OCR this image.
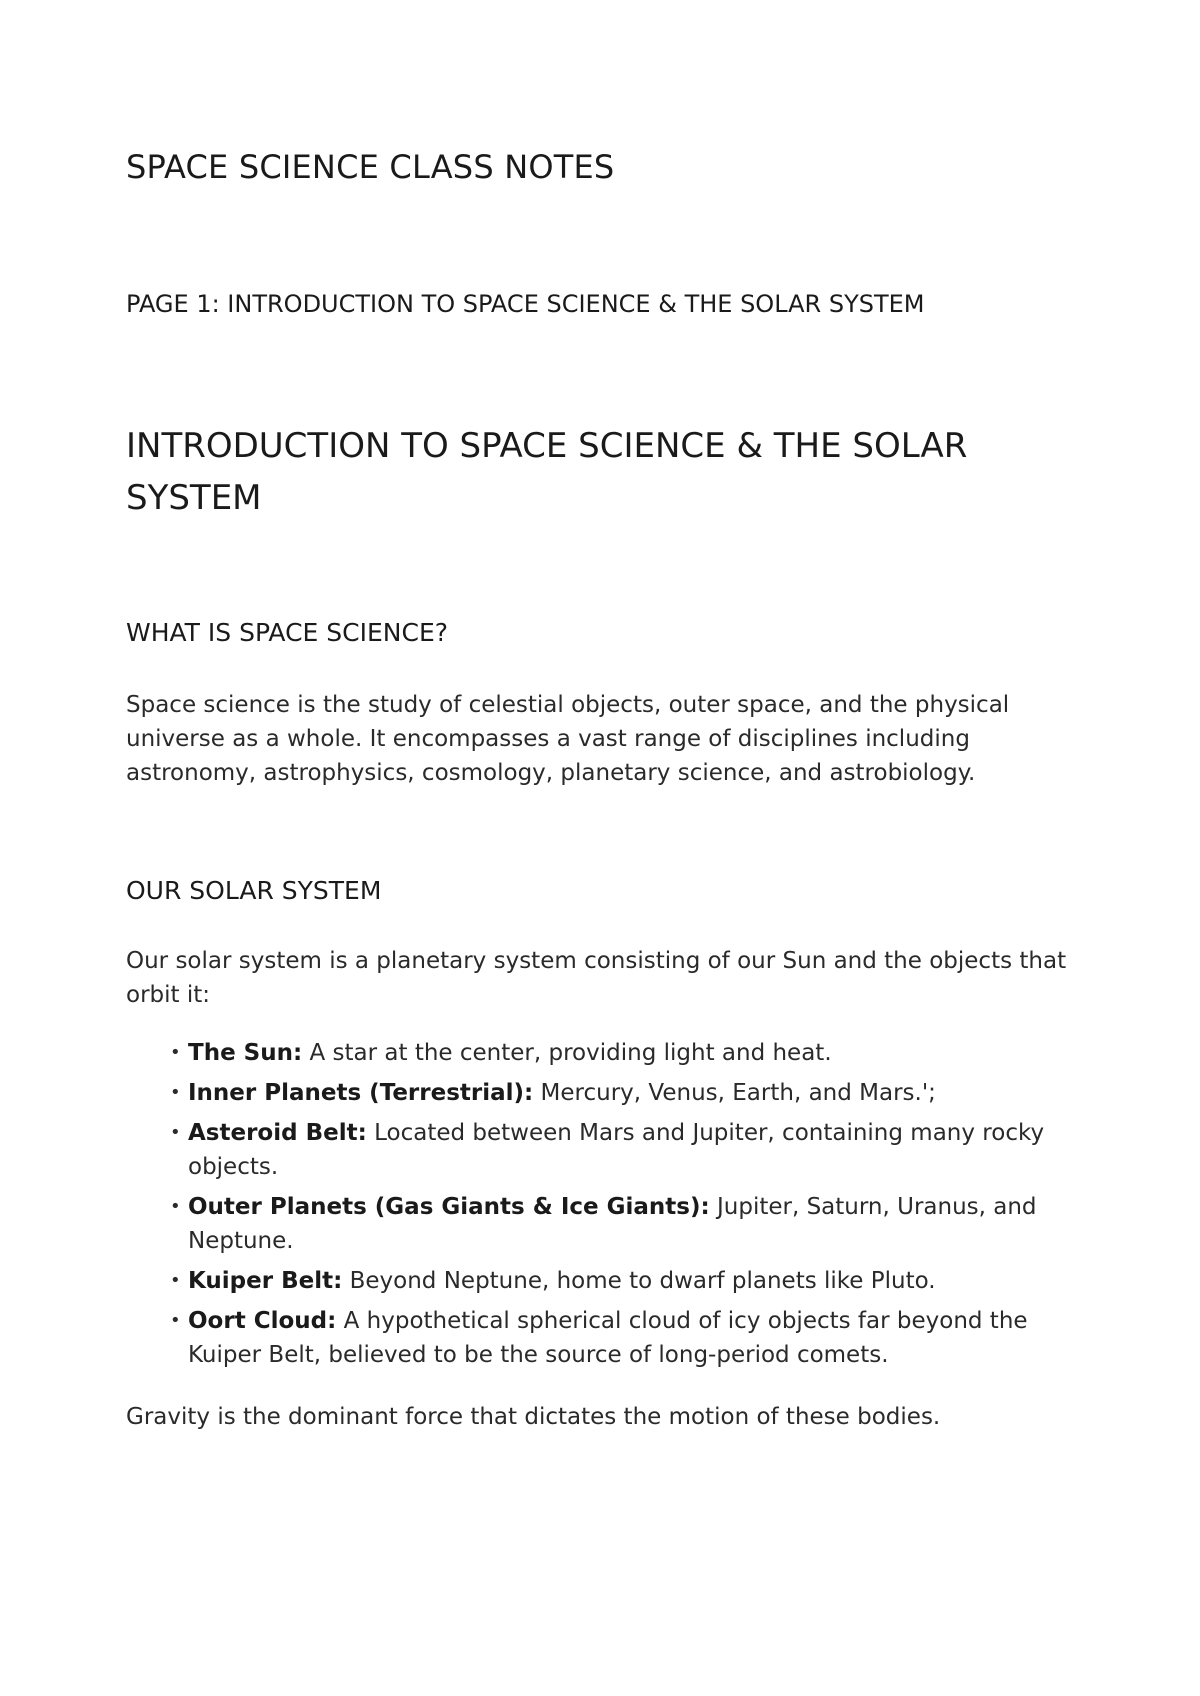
SPACE SCIENCE CLASS NOTES
PAGE 1: INTRODUCTION TO SPACE SCIENCE & THE SOLAR SYSTEM
INTRODUCTION TO SPACE SCIENCE & THE SOLAR SYSTEM
WHAT IS SPACE SCIENCE?

Space science is the study of celestial objects, outer space, and the physical universe as a whole. It encompasses a vast range of disciplines including astronomy, astrophysics, cosmology, planetary science, and astrobiology.

OUR SOLAR SYSTEM

Our solar system is a planetary system consisting of our Sun and the objects that orbit it:

• The Sun: A star at the center, providing light and heat.
• Inner Planets (Terrestrial): Mercury, Venus, Earth, and Mars.';
• Asteroid Belt: Located between Mars and Jupiter, containing many rocky objects.
• Outer Planets (Gas Giants & Ice Giants): Jupiter, Saturn, Uranus, and Neptune.
• Kuiper Belt: Beyond Neptune, home to dwarf planets like Pluto.
• Oort Cloud: A hypothetical spherical cloud of icy objects far beyond the Kuiper Belt, believed to be the source of long-period comets.

Gravity is the dominant force that dictates the motion of these bodies.
